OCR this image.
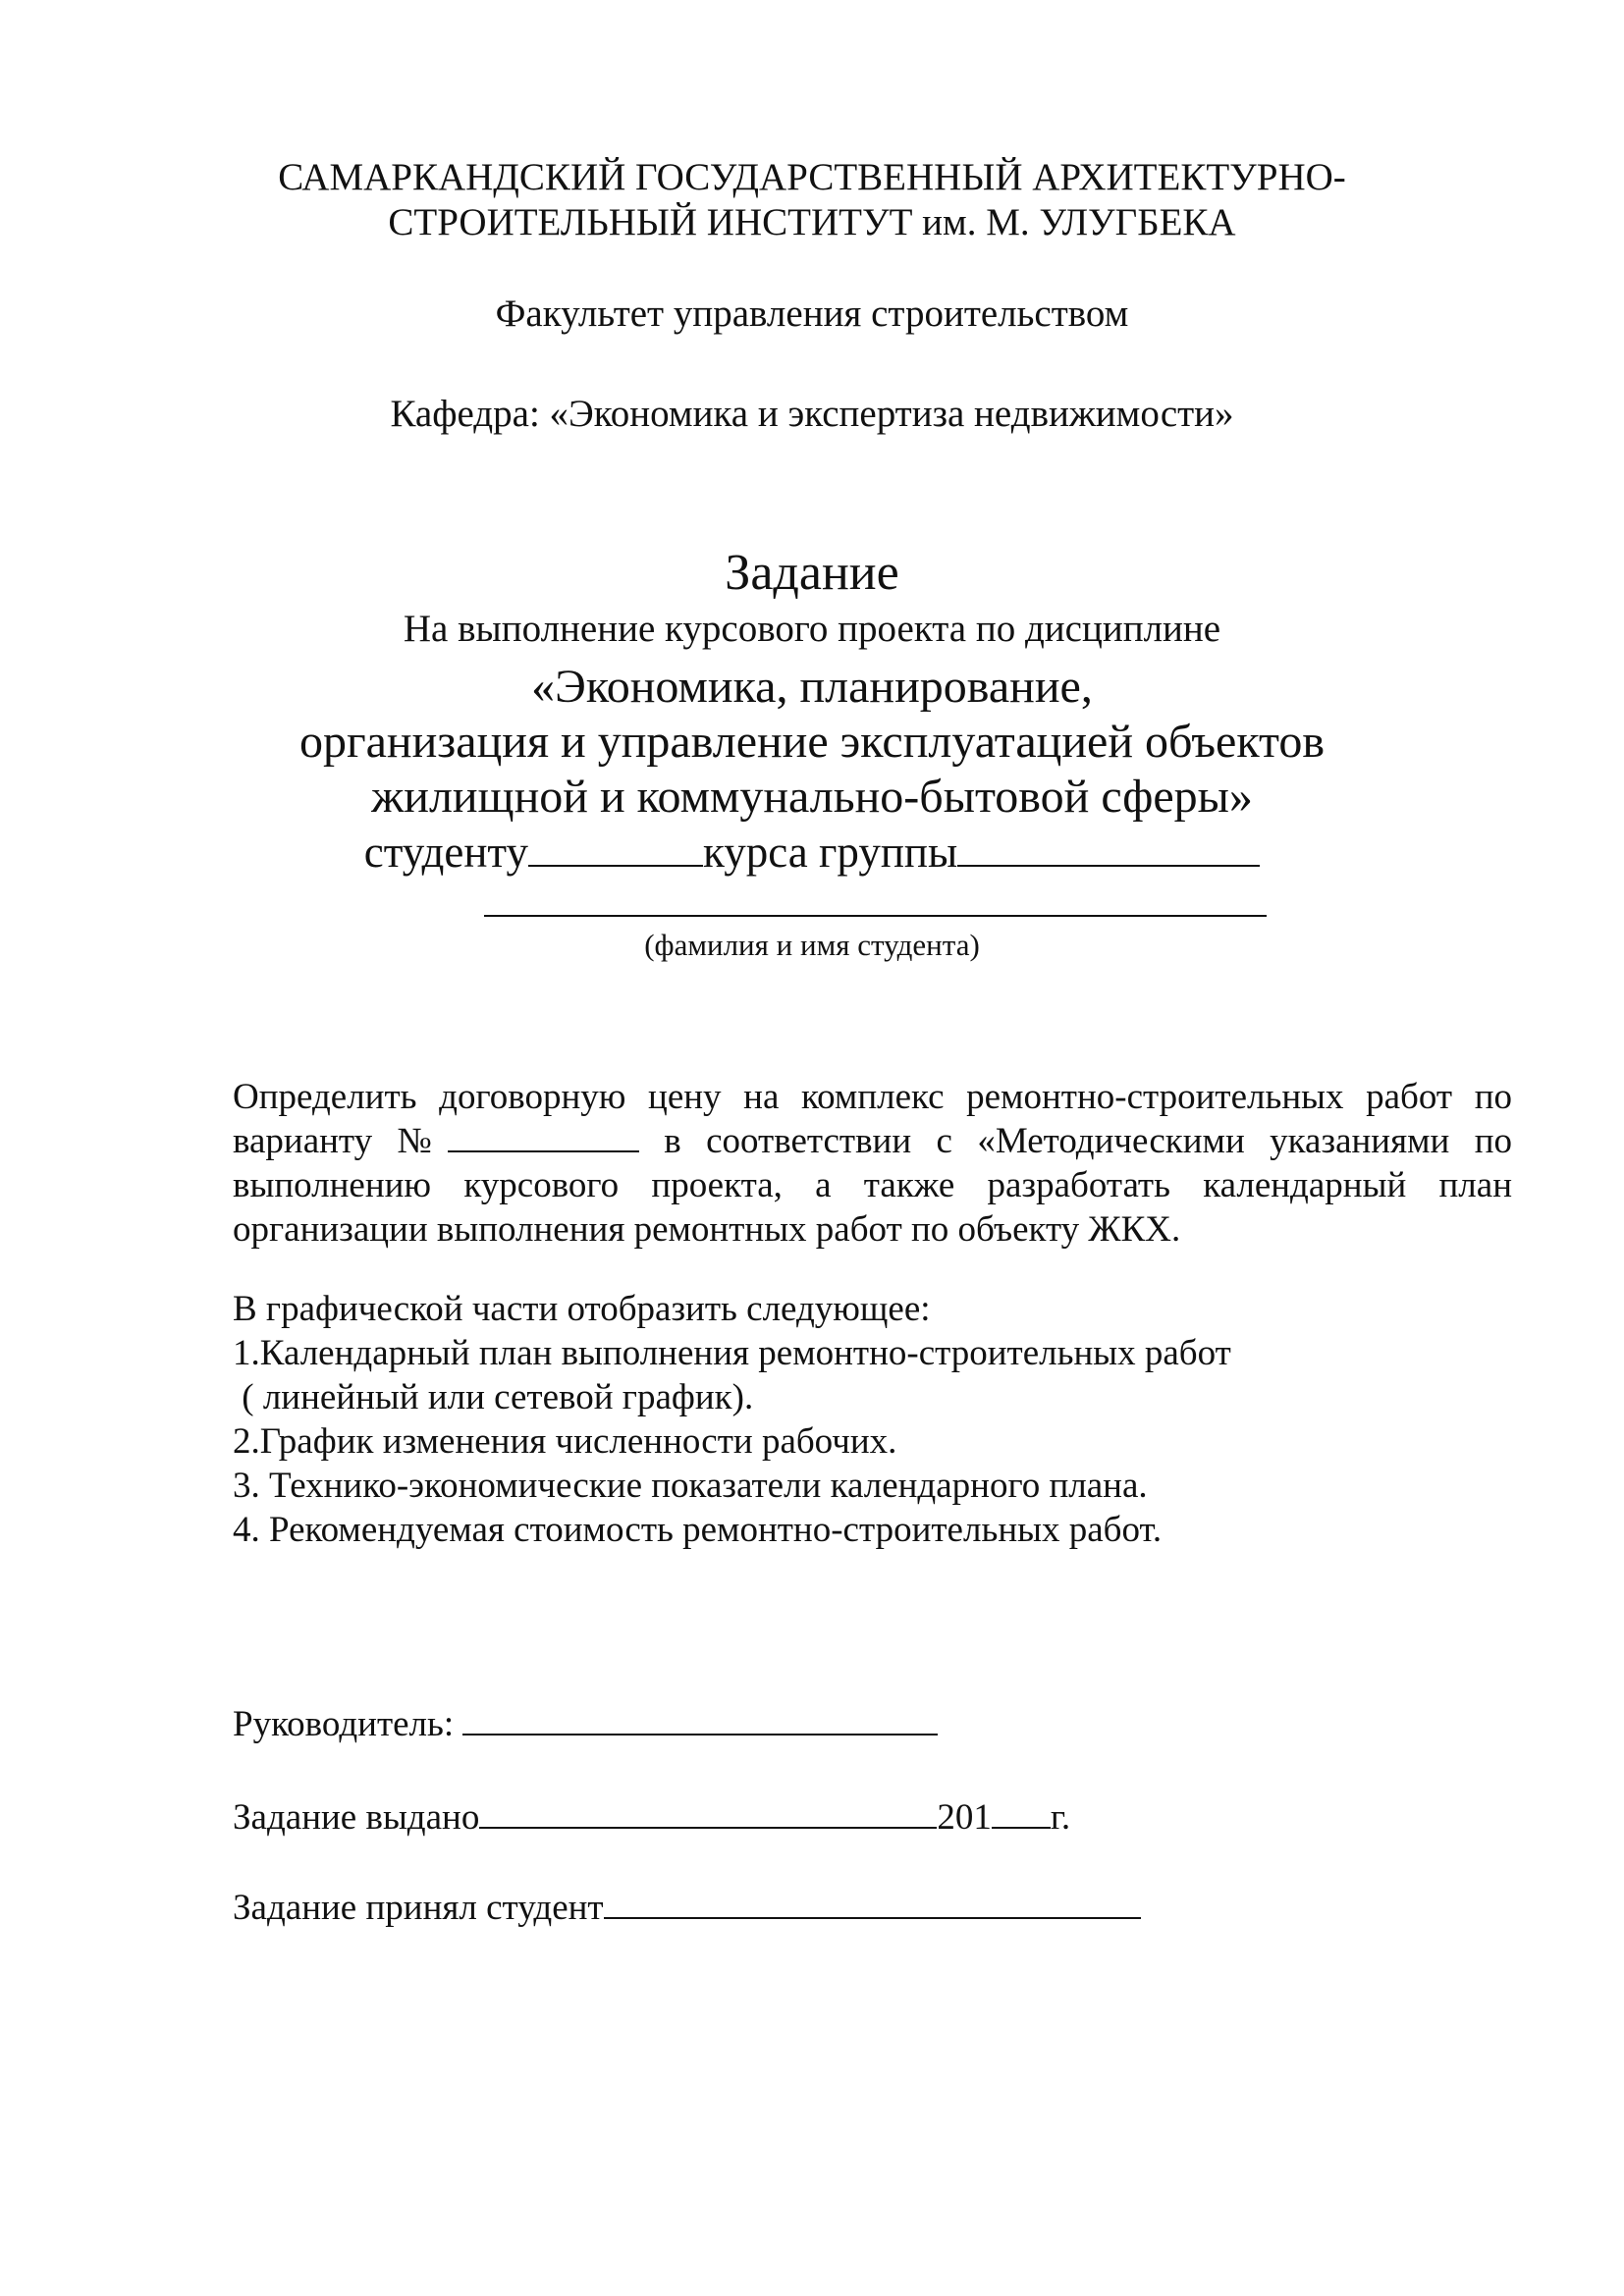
САМАРКАНДСКИЙ ГОСУДАРСТВЕННЫЙ АРХИТЕКТУРНО-
СТРОИТЕЛЬНЫЙ ИНСТИТУТ им. М. УЛУГБЕКА
Факультет управления строительством
Кафедра: «Экономика и экспертиза недвижимости»
Задание
На выполнение курсового проекта по дисциплине
«Экономика, планирование,
организация и управление эксплуатацией объектов
жилищной и коммунально-бытовой сферы»
студенту	курса группы
(фамилия и имя студента)
Определить договорную цену на комплекс ремонтно-строительных работ по
варианту №	в соответствии с «Методическими указаниями по
выполнению курсового проекта, а также разработать календарный план
организации выполнения ремонтных работ по объекту ЖКХ.
В графической части отобразить следующее:
1.Календарный план выполнения ремонтно-строительных работ
( линейный или сетевой график).
2.График изменения численности рабочих.
3. Технико-экономические показатели календарного плана.
4. Рекомендуемая стоимость ремонтно-строительных работ.
Руководитель:
Задание выдано	201 г.
Задание принял студент
